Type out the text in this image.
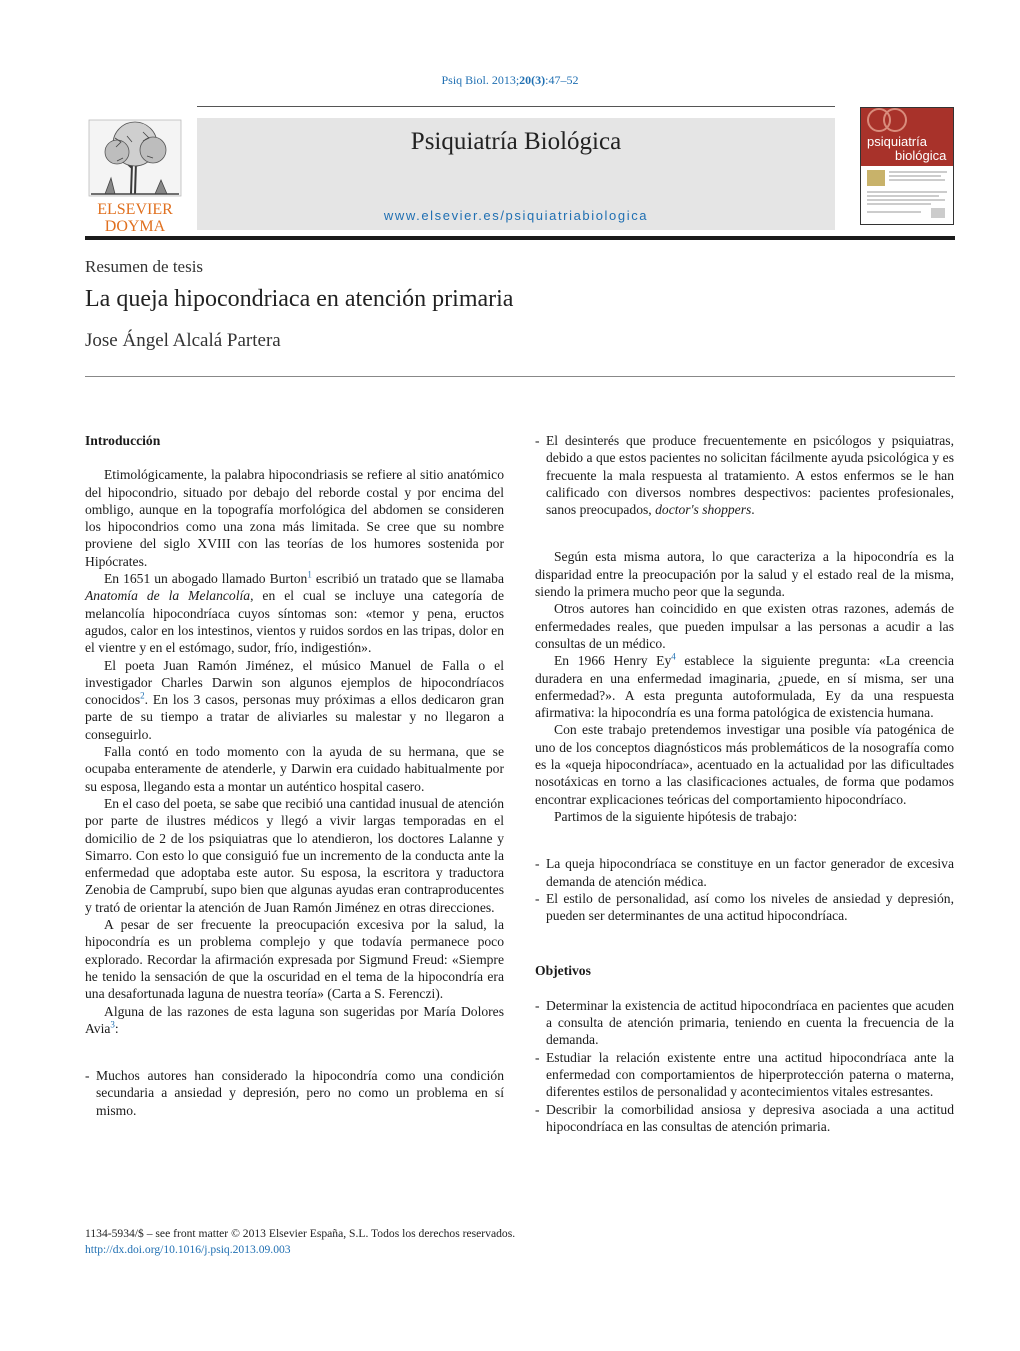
Psiq Biol. 2013;20(3):47–52
ELSEVIER
DOYMA
Psiquiatría Biológica
www.elsevier.es/psiquiatriabiologica
psiquiatría
biológica
Resumen de tesis
La queja hipocondriaca en atención primaria
Jose Ángel Alcalá Partera
Introducción

Etimológicamente, la palabra hipocondriasis se refiere al sitio anatómico del hipocondrio, situado por debajo del reborde costal y por encima del ombligo, aunque en la topografía morfológica del abdomen se consideren los hipocondrios como una zona más limitada. Se cree que su nombre proviene del siglo XVIII con las teorías de los humores sostenida por Hipócrates.

En 1651 un abogado llamado Burton$^1$ escribió un tratado que se llamaba Anatomía de la Melancolía, en el cual se incluye una categoría de melancolía hipocondríaca cuyos síntomas son: «temor y pena, eructos agudos, calor en los intestinos, vientos y ruidos sordos en las tripas, dolor en el vientre y en el estómago, sudor, frío, indigestión».

El poeta Juan Ramón Jiménez, el músico Manuel de Falla o el investigador Charles Darwin son algunos ejemplos de hipocondríacos conocidos$^2$. En los 3 casos, personas muy próximas a ellos dedicaron gran parte de su tiempo a tratar de aliviarles su malestar y no llegaron a conseguirlo.

Falla contó en todo momento con la ayuda de su hermana, que se ocupaba enteramente de atenderle, y Darwin era cuidado habitualmente por su esposa, llegando esta a montar un auténtico hospital casero.

En el caso del poeta, se sabe que recibió una cantidad inusual de atención por parte de ilustres médicos y llegó a vivir largas temporadas en el domicilio de 2 de los psiquiatras que lo atendieron, los doctores Lalanne y Simarro. Con esto lo que consiguió fue un incremento de la conducta ante la enfermedad que adoptaba este autor. Su esposa, la escritora y traductora Zenobia de Camprubí, supo bien que algunas ayudas eran contraproducentes y trató de orientar la atención de Juan Ramón Jiménez en otras direcciones.

A pesar de ser frecuente la preocupación excesiva por la salud, la hipocondría es un problema complejo y que todavía permanece poco explorado. Recordar la afirmación expresada por Sigmund Freud: «Siempre he tenido la sensación de que la oscuridad en el tema de la hipocondría era una desafortunada laguna de nuestra teoría» (Carta a S. Ferenczi).

Alguna de las razones de esta laguna son sugeridas por María Dolores Avia$^3$:

- Muchos autores han considerado la hipocondría como una condición secundaria a ansiedad y depresión, pero no como un problema en sí mismo.
- El desinterés que produce frecuentemente en psicólogos y psiquiatras, debido a que estos pacientes no solicitan fácilmente ayuda psicológica y es frecuente la mala respuesta al tratamiento. A estos enfermos se le han calificado con diversos nombres despectivos: pacientes profesionales, sanos preocupados, doctor's shoppers.

Según esta misma autora, lo que caracteriza a la hipocondría es la disparidad entre la preocupación por la salud y el estado real de la misma, siendo la primera mucho peor que la segunda.

Otros autores han coincidido en que existen otras razones, además de enfermedades reales, que pueden impulsar a las personas a acudir a las consultas de un médico.

En 1966 Henry Ey$^4$ establece la siguiente pregunta: «La creencia duradera en una enfermedad imaginaria, ¿puede, en sí misma, ser una enfermedad?». A esta pregunta autoformulada, Ey da una respuesta afirmativa: la hipocondría es una forma patológica de existencia humana.

Con este trabajo pretendemos investigar una posible vía patogénica de uno de los conceptos diagnósticos más problemáticos de la nosografía como es la «queja hipocondríaca», acentuado en la actualidad por las dificultades nosotáxicas en torno a las clasificaciones actuales, de forma que podamos encontrar explicaciones teóricas del comportamiento hipocondríaco.

Partimos de la siguiente hipótesis de trabajo:

- La queja hipocondríaca se constituye en un factor generador de excesiva demanda de atención médica.
- El estilo de personalidad, así como los niveles de ansiedad y depresión, pueden ser determinantes de una actitud hipocondríaca.
Objetivos
- Determinar la existencia de actitud hipocondríaca en pacientes que acuden a consulta de atención primaria, teniendo en cuenta la frecuencia de la demanda.
- Estudiar la relación existente entre una actitud hipocondríaca ante la enfermedad con comportamientos de hiperprotección paterna o materna, diferentes estilos de personalidad y acontecimientos vitales estresantes.
- Describir la comorbilidad ansiosa y depresiva asociada a una actitud hipocondríaca en las consultas de atención primaria.
1134-5934/$ – see front matter © 2013 Elsevier España, S.L. Todos los derechos reservados.
http://dx.doi.org/10.1016/j.psiq.2013.09.003
